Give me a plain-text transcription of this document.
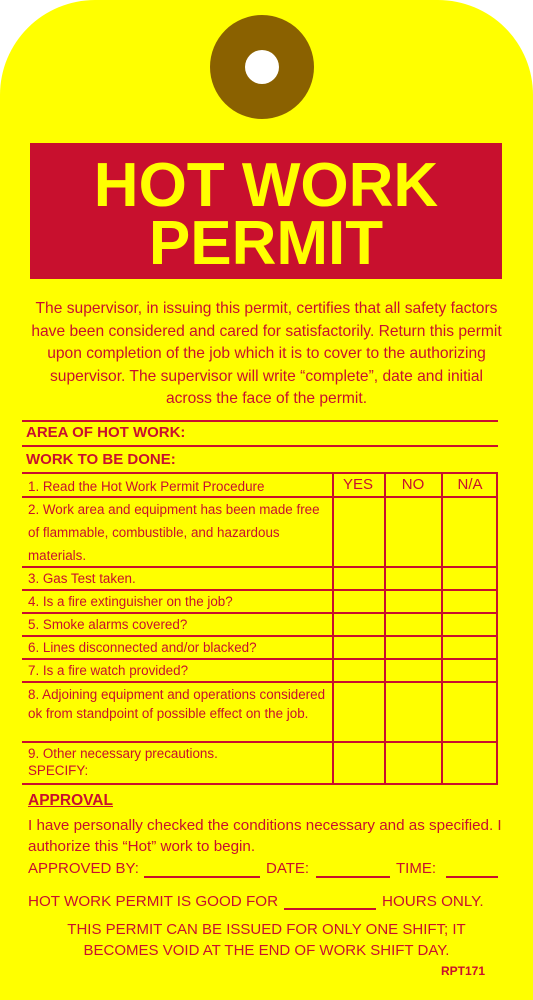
HOT WORK
PERMIT
The supervisor, in issuing this permit, certifies that all safety factors have been considered and cared for satisfactorily. Return this permit upon completion of the job which it is to cover to the authorizing supervisor. The supervisor will write “complete”, date and initial across the face of the permit.
AREA OF HOT WORK:
WORK TO BE DONE:
YES	NO	N/A
1. Read the Hot Work Permit Procedure
2. Work area and equipment has been made free of flammable, combustible, and hazardous materials.
3. Gas Test taken.
4. Is a fire extinguisher on the job?
5. Smoke alarms covered?
6. Lines disconnected and/or blacked?
7. Is a fire watch provided?
8. Adjoining equipment and operations considered ok from standpoint of possible effect on the job.
9. Other necessary precautions. SPECIFY:
APPROVAL
I have personally checked the conditions necessary and as specified. I authorize this “Hot” work to begin.
APPROVED BY:	DATE:	TIME:
HOT WORK PERMIT IS GOOD FOR	HOURS ONLY.
THIS PERMIT CAN BE ISSUED FOR ONLY ONE SHIFT; IT BECOMES VOID AT THE END OF WORK SHIFT DAY.
RPT171
